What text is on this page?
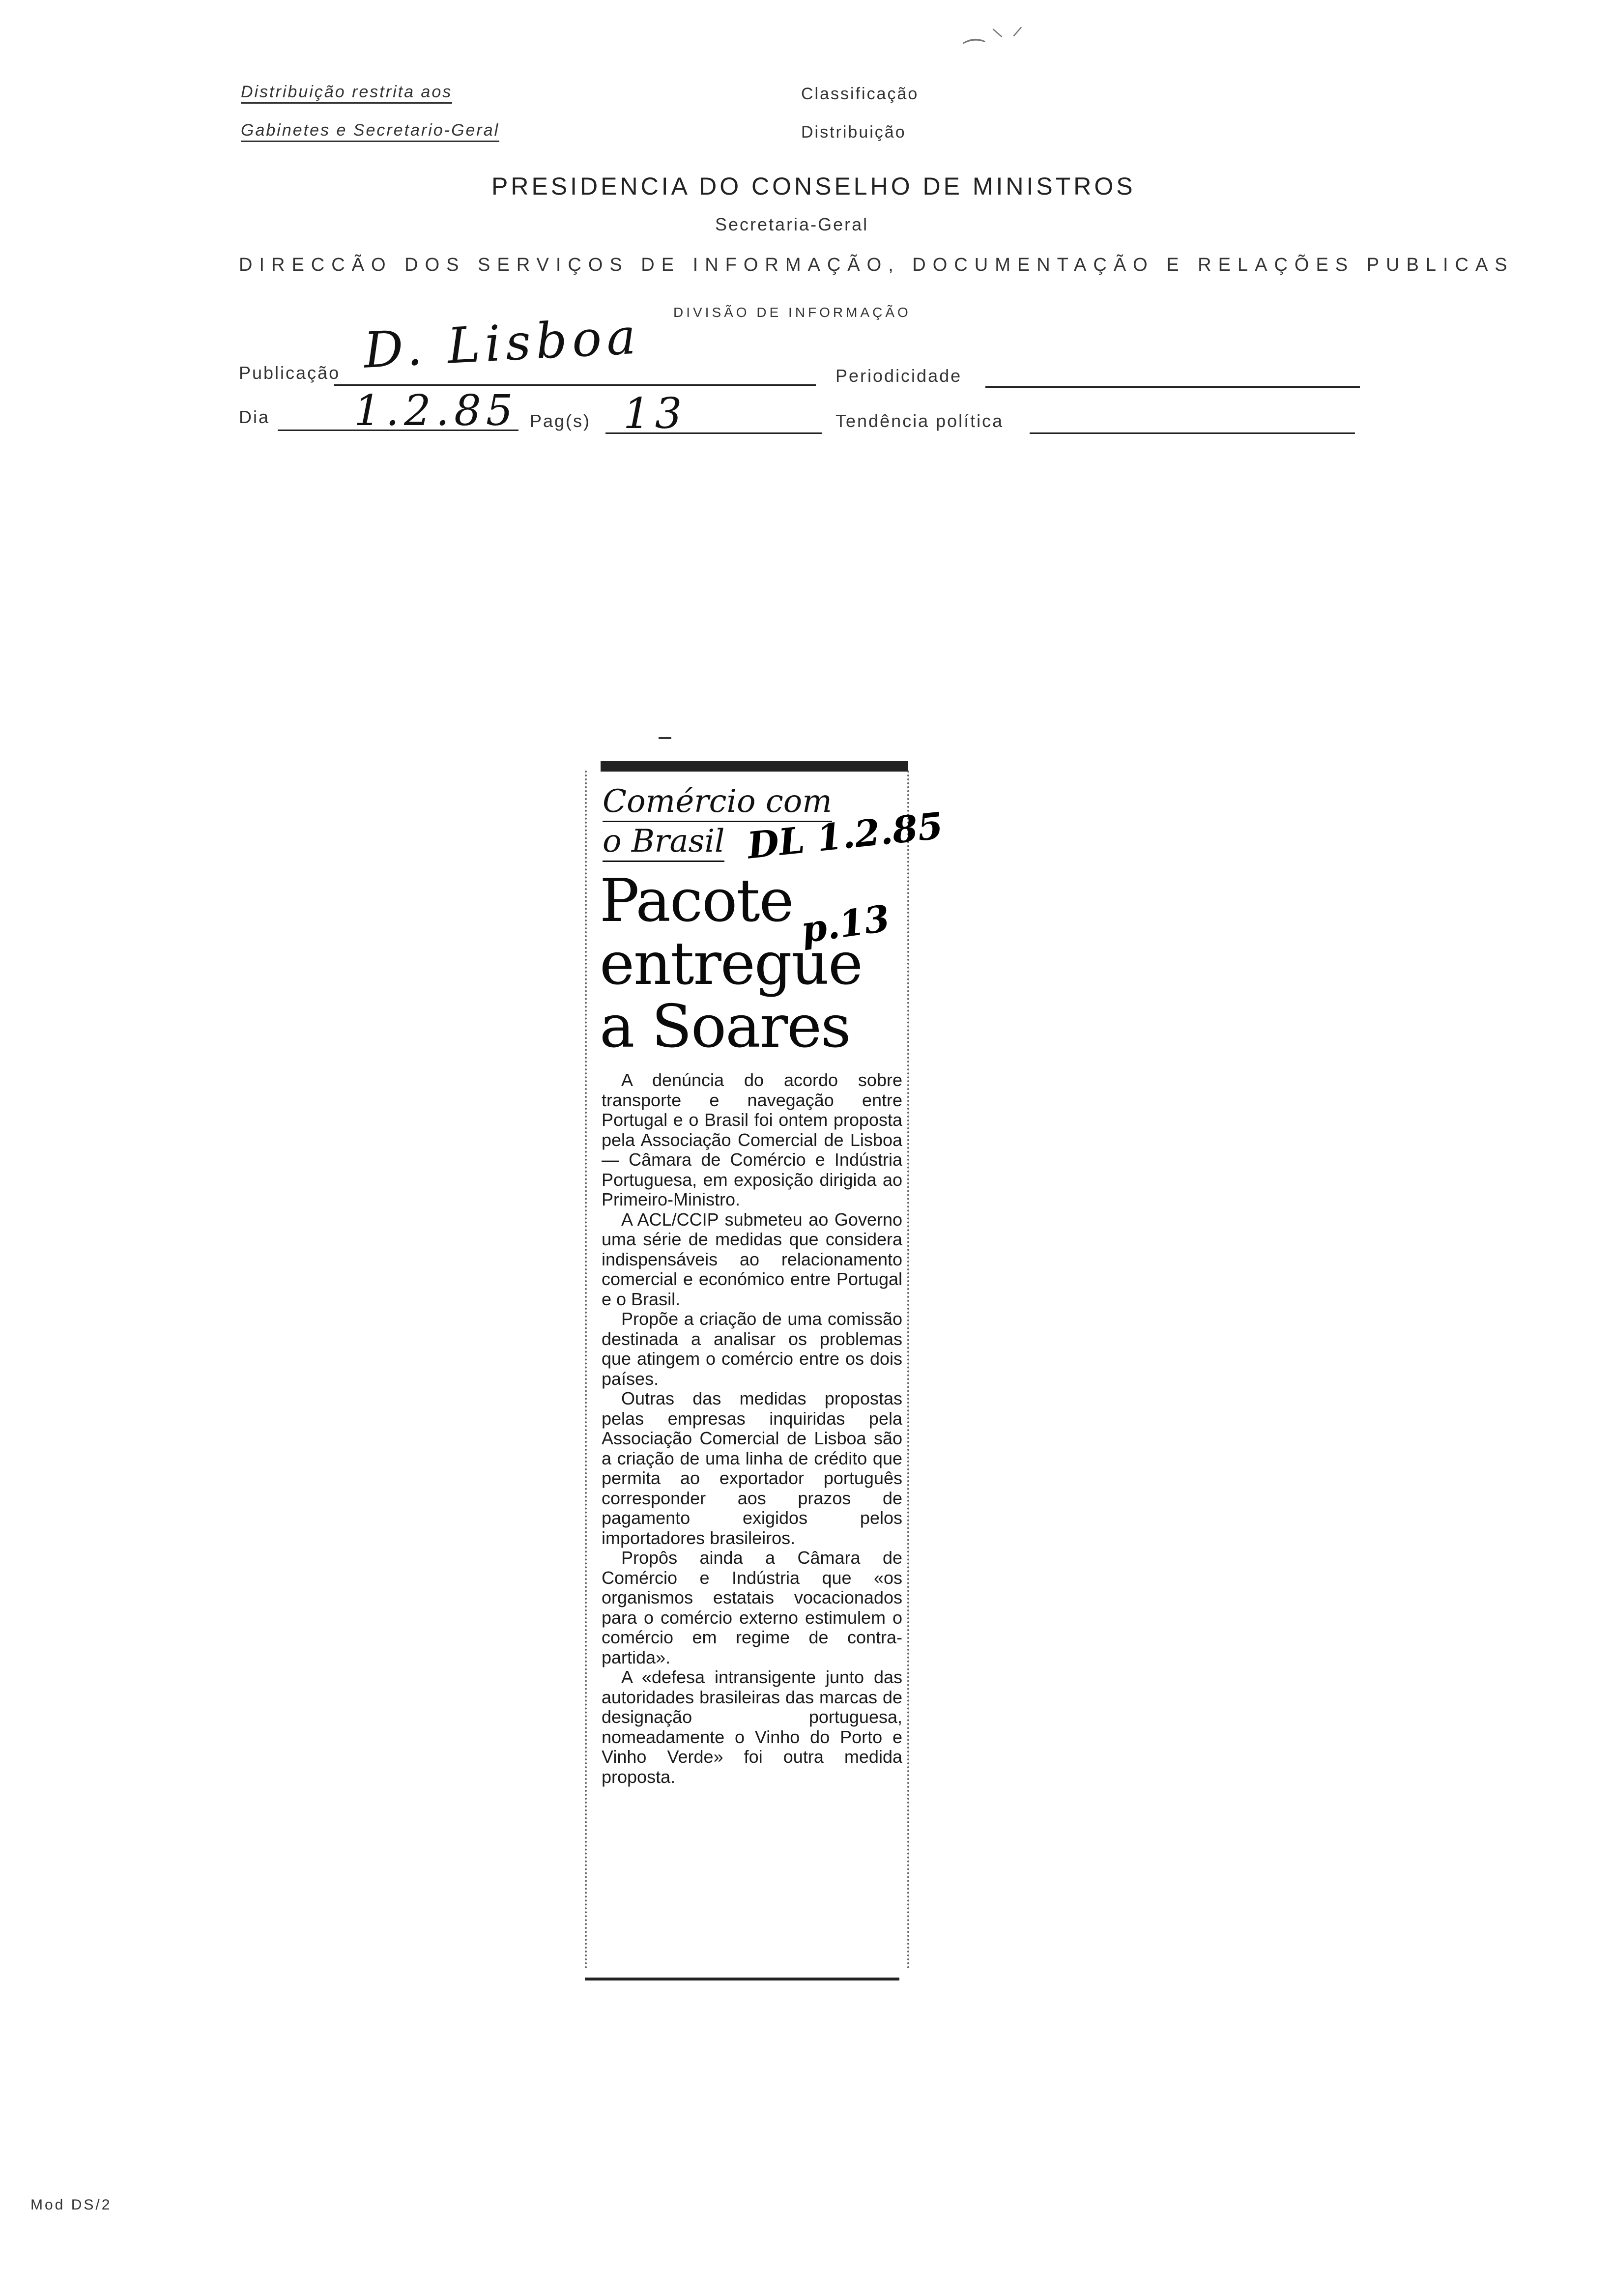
Distribuição restrita aos
Gabinetes e Secretario-Geral
Classificação
Distribuição
⁔ ⸜ ⸝
PRESIDENCIA DO CONSELHO DE MINISTROS
Secretaria-Geral
DIRECCÃO DOS SERVIÇOS DE INFORMAÇÃO, DOCUMENTAÇÃO E RELAÇÕES PUBLICAS
DIVISÃO DE INFORMAÇÃO
Publicação D. Lisboa	Periodicidade
Dia 1.2.85 Pag(s) 13	Tendência política
Comércio com
o Brasil DL 1.2.85
Pacote
entregue
a Soares
p.13

A denúncia do acordo sobre transporte e navegação entre Portugal e o Brasil foi ontem proposta pela Associação Comercial de Lisboa — Câmara de Comércio e Indústria Portuguesa, em exposição dirigida ao Primeiro-Ministro.

A ACL/CCIP submeteu ao Governo uma série de medidas que considera indispensáveis ao relacionamento comercial e económico entre Portugal e o Brasil.

Propõe a criação de uma comissão destinada a analisar os problemas que atingem o comércio entre os dois países.

Outras das medidas propostas pelas empresas inquiridas pela Associação Comercial de Lisboa são a criação de uma linha de crédito que permita ao exportador português corresponder aos prazos de pagamento exigidos pelos importadores brasileiros.

Propôs ainda a Câmara de Comércio e Indústria que «os organismos estatais vocacionados para o comércio externo estimulem o comércio em regime de contra-partida».

A «defesa intransigente junto das autoridades brasileiras das marcas de designação portuguesa, nomeadamente o Vinho do Porto e Vinho Verde» foi outra medida proposta.

Mod DS/2
